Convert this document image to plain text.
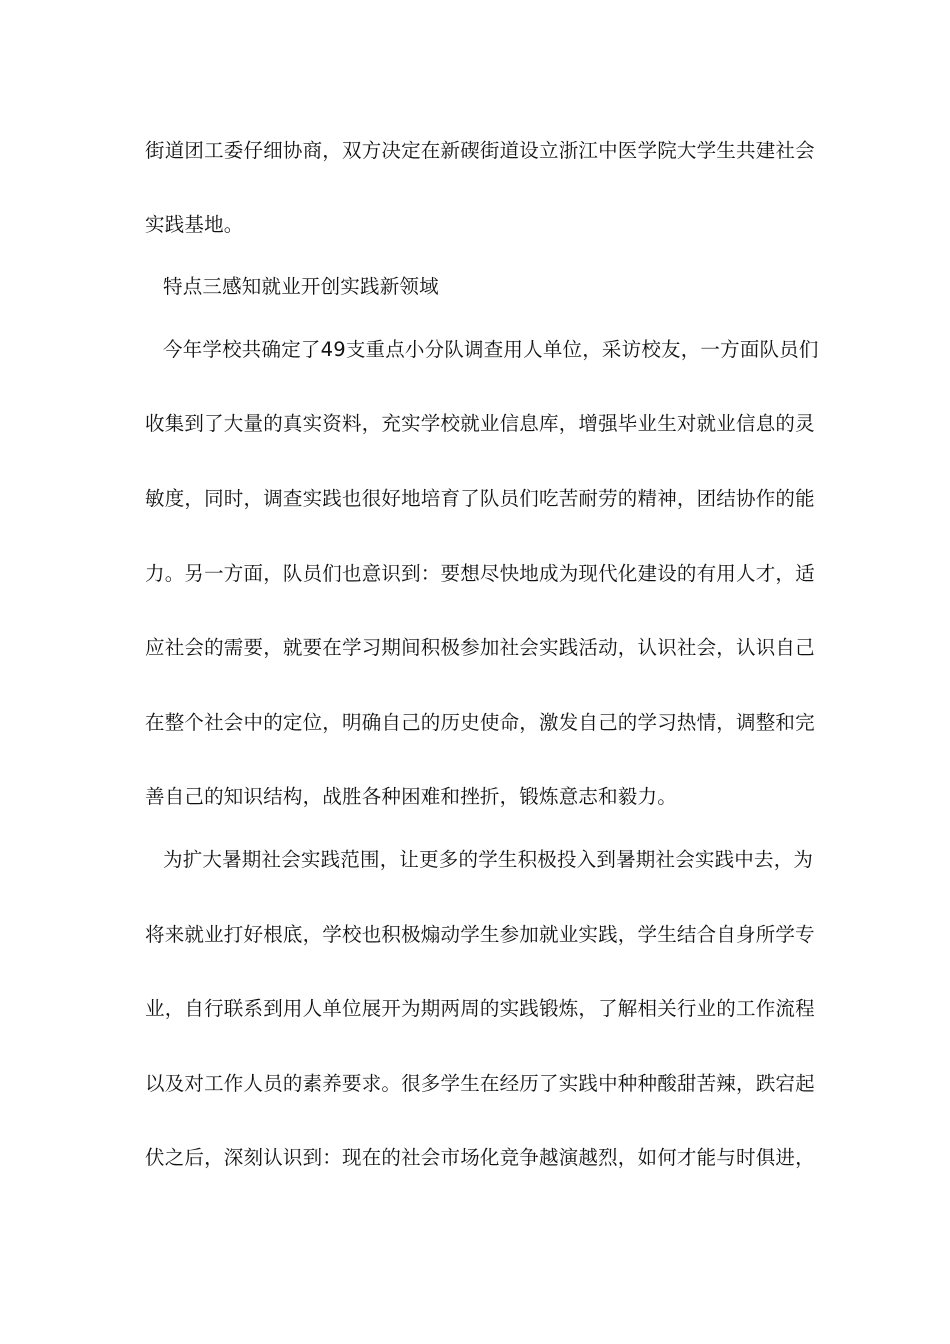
街道团工委仔细协商，双方决定在新碶街道设立浙江中医学院大学生共建社会
实践基地。
特点三感知就业开创实践新领域
今年学校共确定了49支重点小分队调查用人单位，采访校友，一方面队员们
收集到了大量的真实资料，充实学校就业信息库，增强毕业生对就业信息的灵
敏度，同时，调查实践也很好地培育了队员们吃苦耐劳的精神，团结协作的能
力。另一方面，队员们也意识到：要想尽快地成为现代化建设的有用人才，适
应社会的需要，就要在学习期间积极参加社会实践活动，认识社会，认识自己
在整个社会中的定位，明确自己的历史使命，激发自己的学习热情，调整和完
善自己的知识结构，战胜各种困难和挫折，锻炼意志和毅力。
为扩大暑期社会实践范围，让更多的学生积极投入到暑期社会实践中去，为
将来就业打好根底，学校也积极煽动学生参加就业实践，学生结合自身所学专
业，自行联系到用人单位展开为期两周的实践锻炼，了解相关行业的工作流程
以及对工作人员的素养要求。很多学生在经历了实践中种种酸甜苦辣，跌宕起
伏之后，深刻认识到：现在的社会市场化竞争越演越烈，如何才能与时俱进，
